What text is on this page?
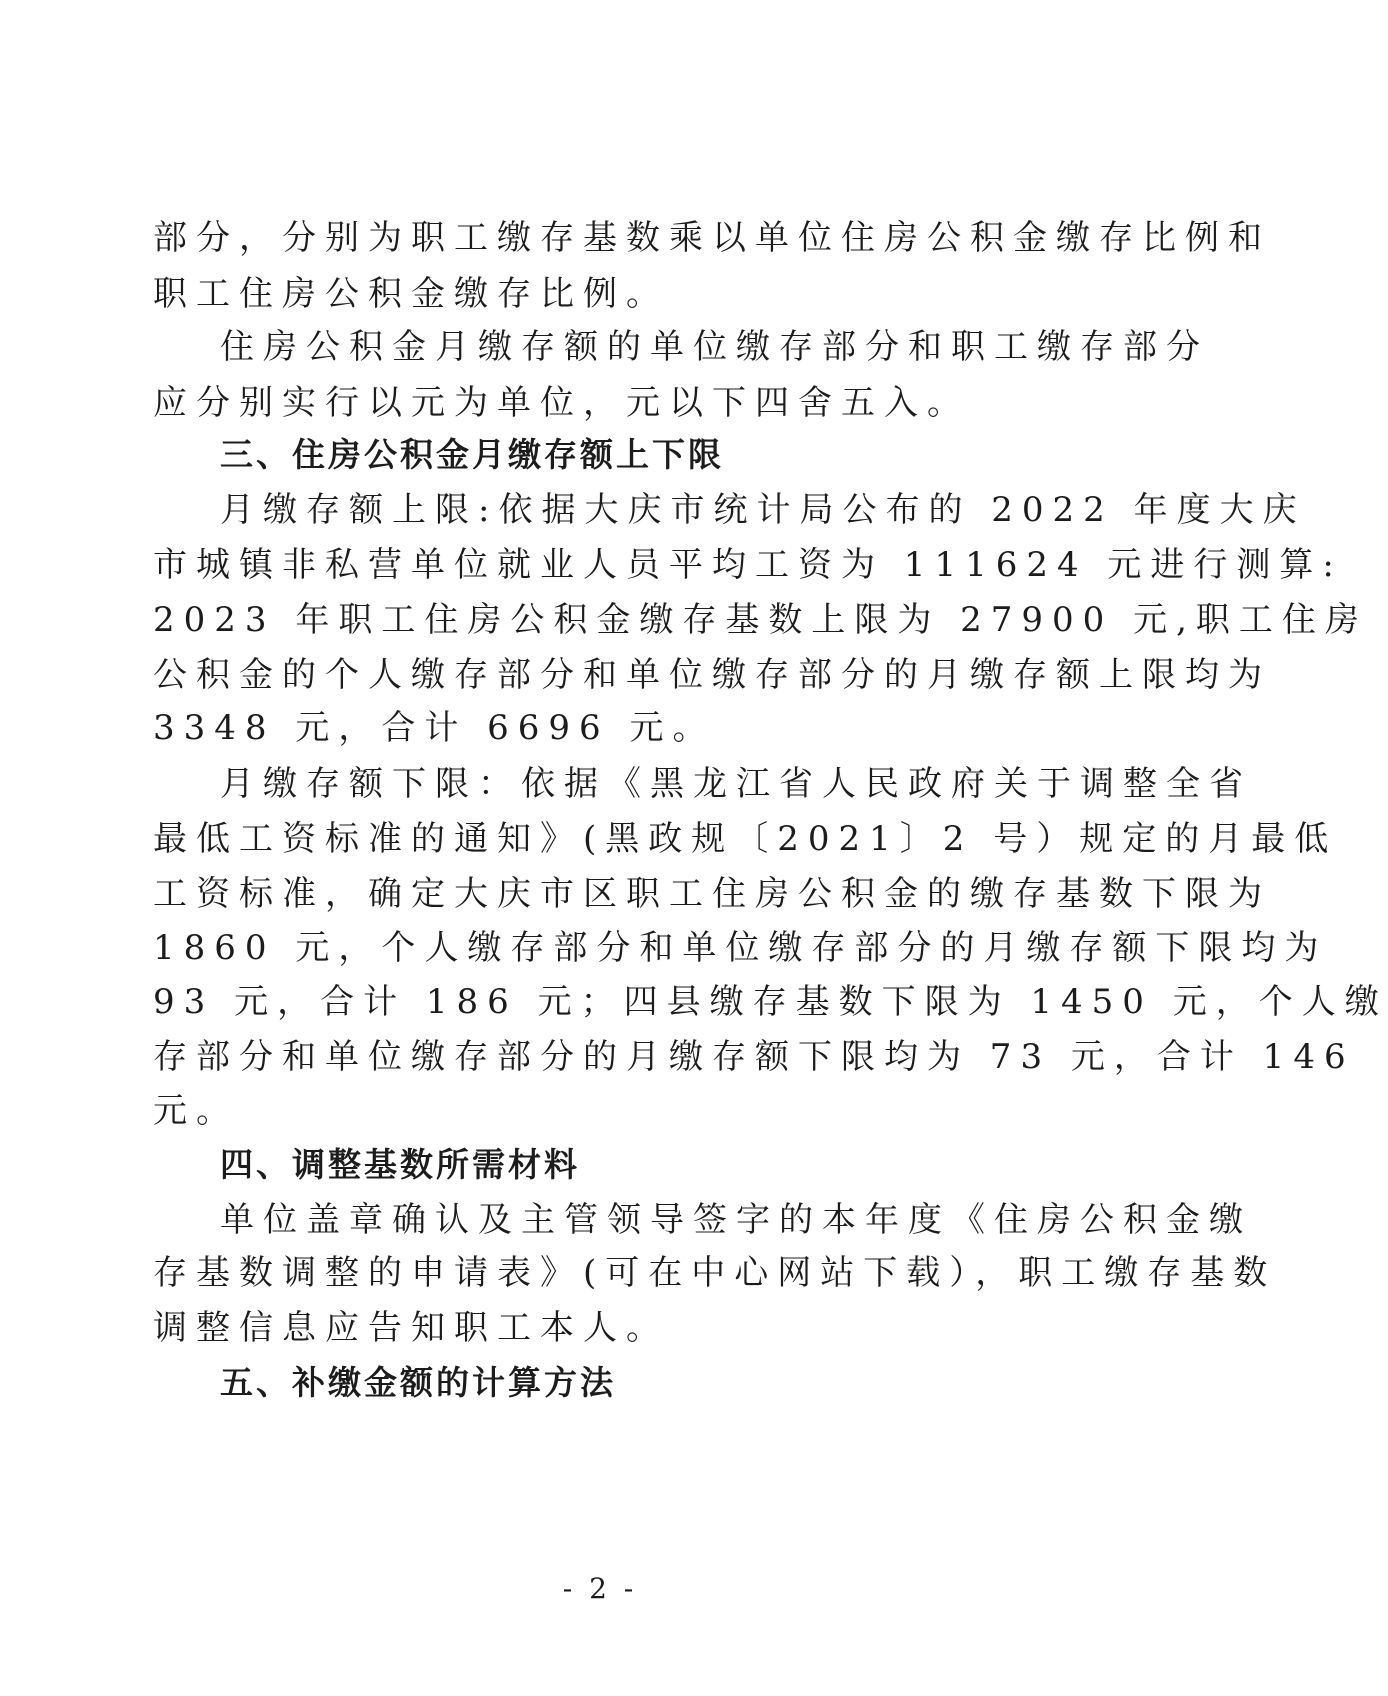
部分，分别为职工缴存基数乘以单位住房公积金缴存比例和
职工住房公积金缴存比例。
住房公积金月缴存额的单位缴存部分和职工缴存部分
应分别实行以元为单位，元以下四舍五入。
三、住房公积金月缴存额上下限
月缴存额上限:依据大庆市统计局公布的 2022 年度大庆
市城镇非私营单位就业人员平均工资为 111624 元进行测算:
2023 年职工住房公积金缴存基数上限为 27900 元,职工住房
公积金的个人缴存部分和单位缴存部分的月缴存额上限均为
3348 元，合计 6696 元。
月缴存额下限：依据《黑龙江省人民政府关于调整全省
最低工资标准的通知》(黑政规〔2021〕2 号）规定的月最低
工资标准，确定大庆市区职工住房公积金的缴存基数下限为
1860 元，个人缴存部分和单位缴存部分的月缴存额下限均为
93 元，合计 186 元；四县缴存基数下限为 1450 元，个人缴
存部分和单位缴存部分的月缴存额下限均为 73 元，合计 146
元。
四、调整基数所需材料
单位盖章确认及主管领导签字的本年度《住房公积金缴
存基数调整的申请表》(可在中心网站下载），职工缴存基数
调整信息应告知职工本人。
五、补缴金额的计算方法
- 2 -
